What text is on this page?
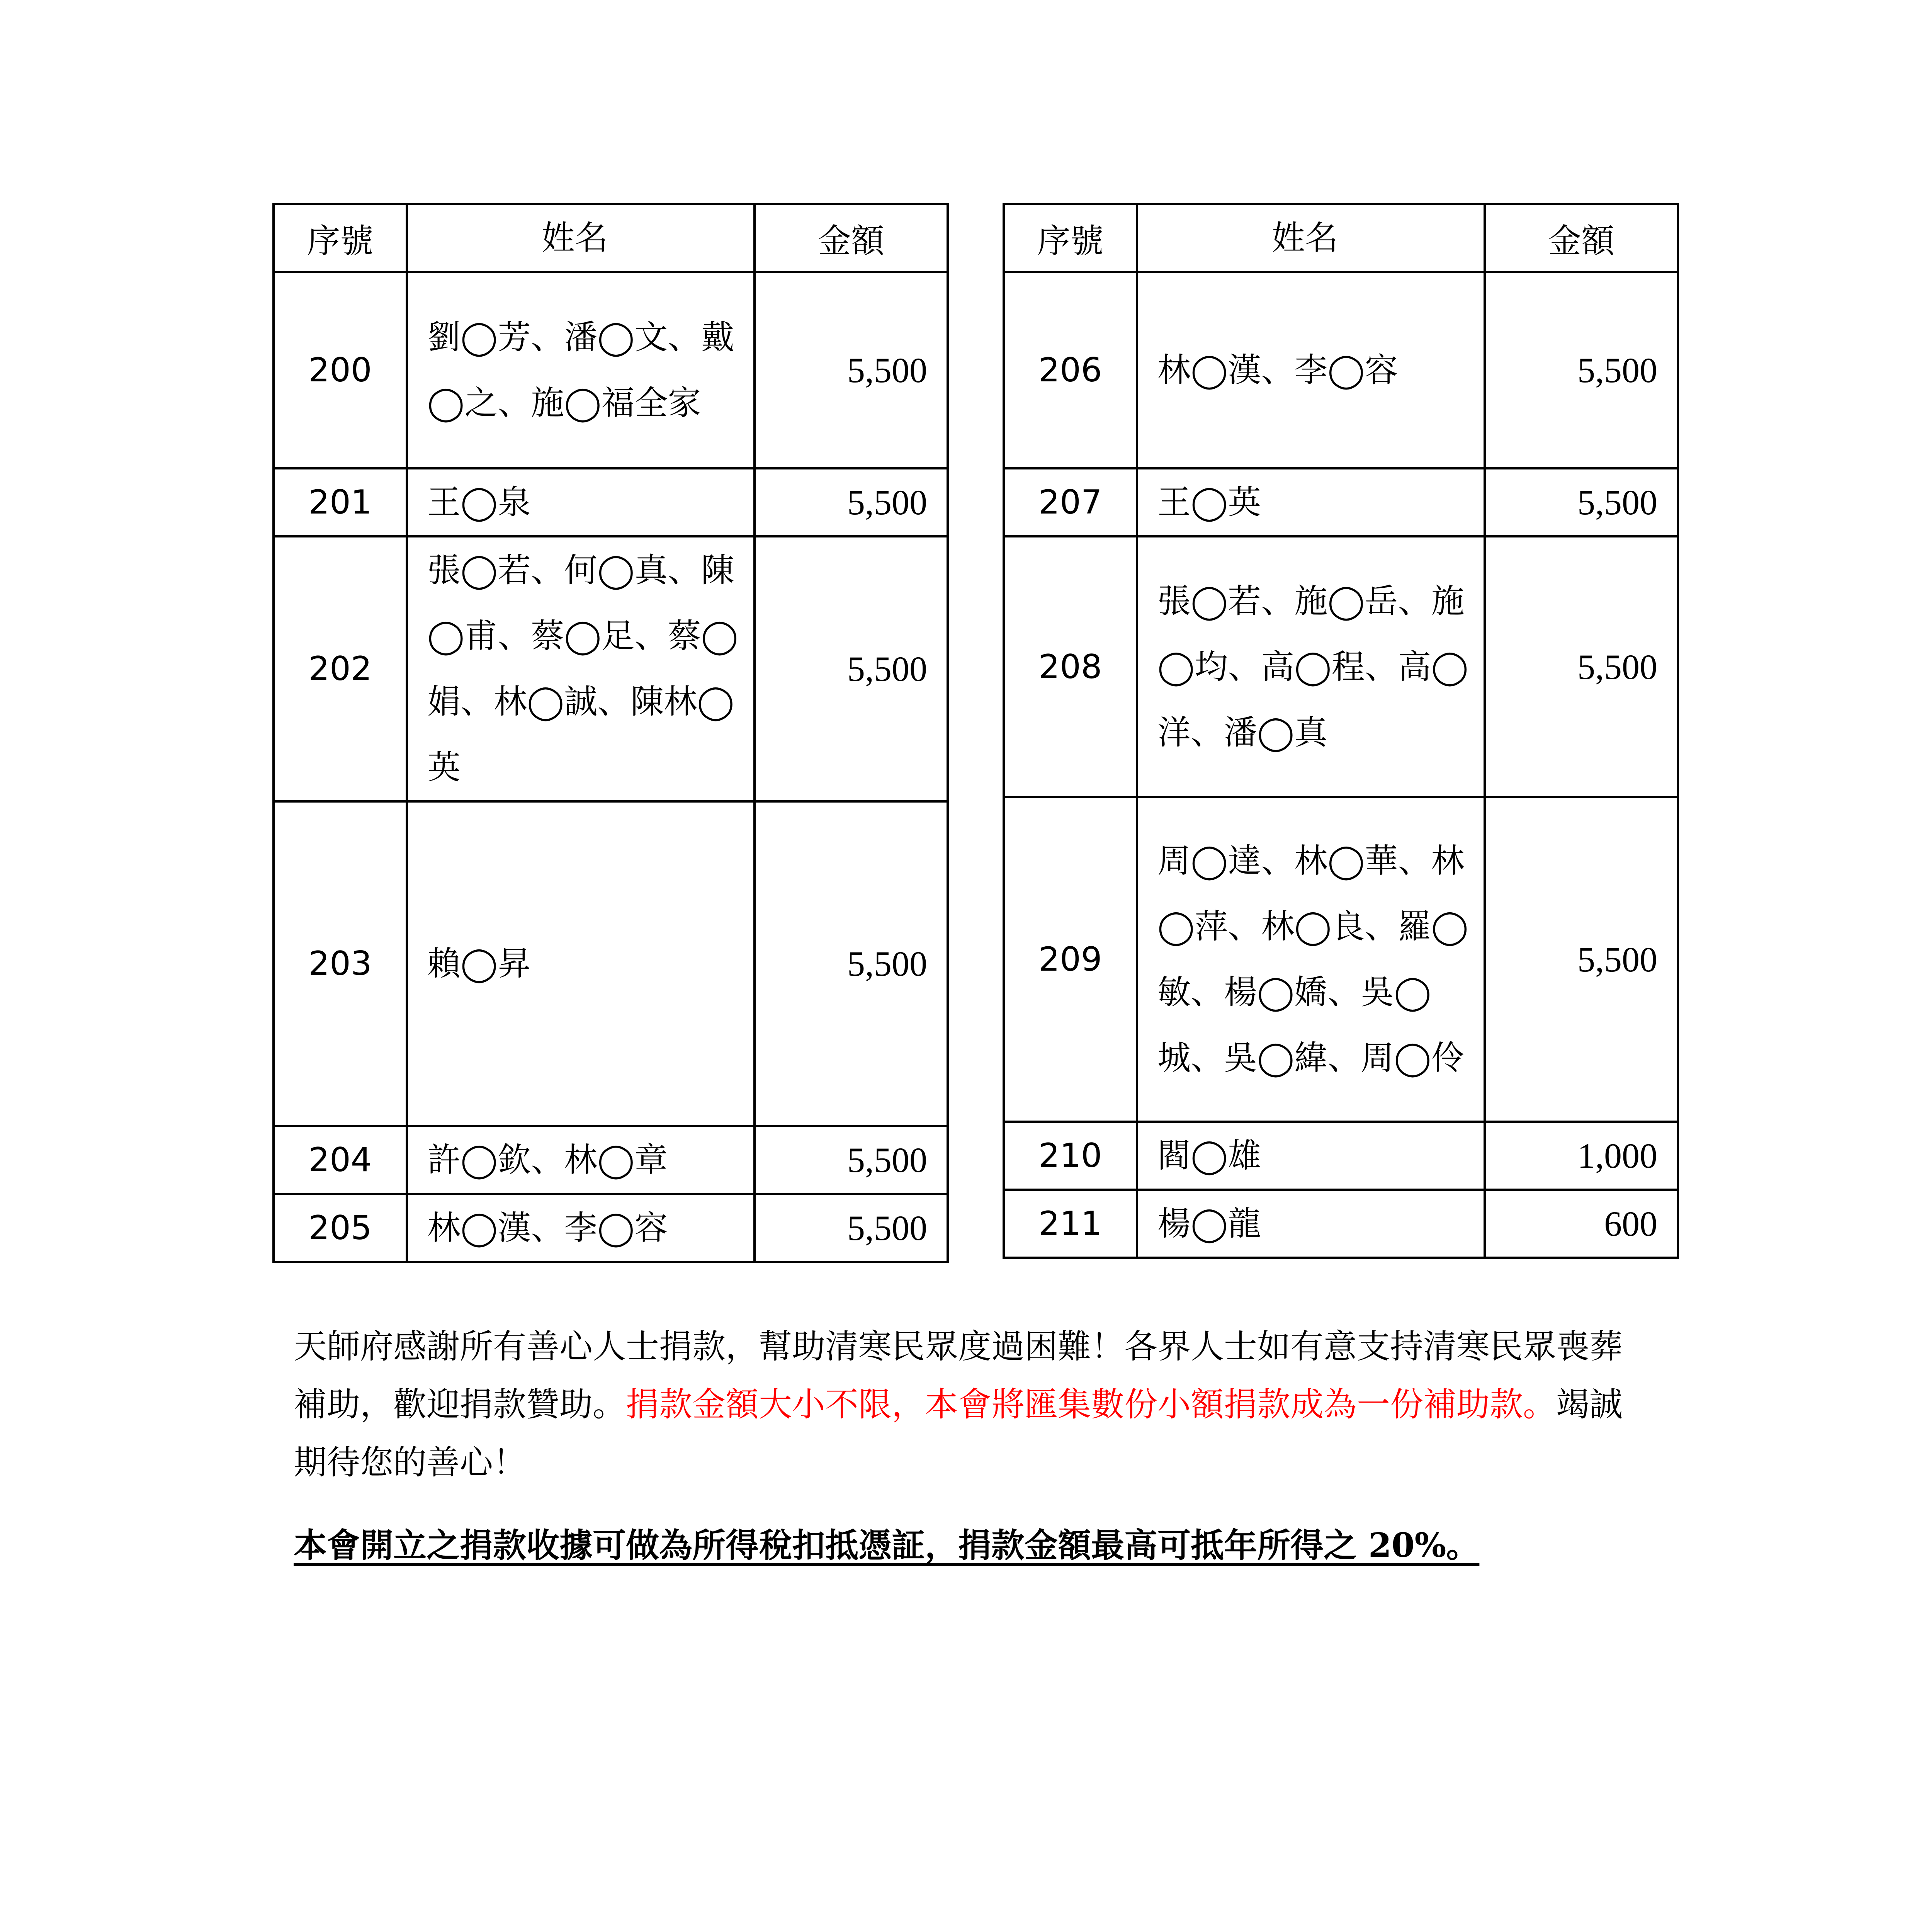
序號	姓名	金額
200	劉◯芳、潘◯文、戴◯之、施◯福全家	5,500
201	王◯泉	5,500
202	張◯若、何◯真、陳◯甫、蔡◯足、蔡◯娟、林◯誠、陳林◯英	5,500
203	賴◯昇	5,500
204	許◯欽、林◯章	5,500
205	林◯漢、李◯容	5,500
序號	姓名	金額
206	林◯漢、李◯容	5,500
207	王◯英	5,500
208	張◯若、施◯岳、施◯均、高◯程、高◯洋、潘◯真	5,500
209	周◯達、林◯華、林◯萍、林◯良、羅◯敏、楊◯嬌、吳◯城、吳◯緯、周◯伶	5,500
210	閻◯雄	1,000
211	楊◯龍	600
天師府感謝所有善心人士捐款，幫助清寒民眾度過困難！各界人士如有意支持清寒民眾喪葬補助，歡迎捐款贊助。捐款金額大小不限，本會將匯集數份小額捐款成為一份補助款。竭誠期待您的善心！
本會開立之捐款收據可做為所得稅扣抵憑証，捐款金額最高可抵年所得之 20%。
